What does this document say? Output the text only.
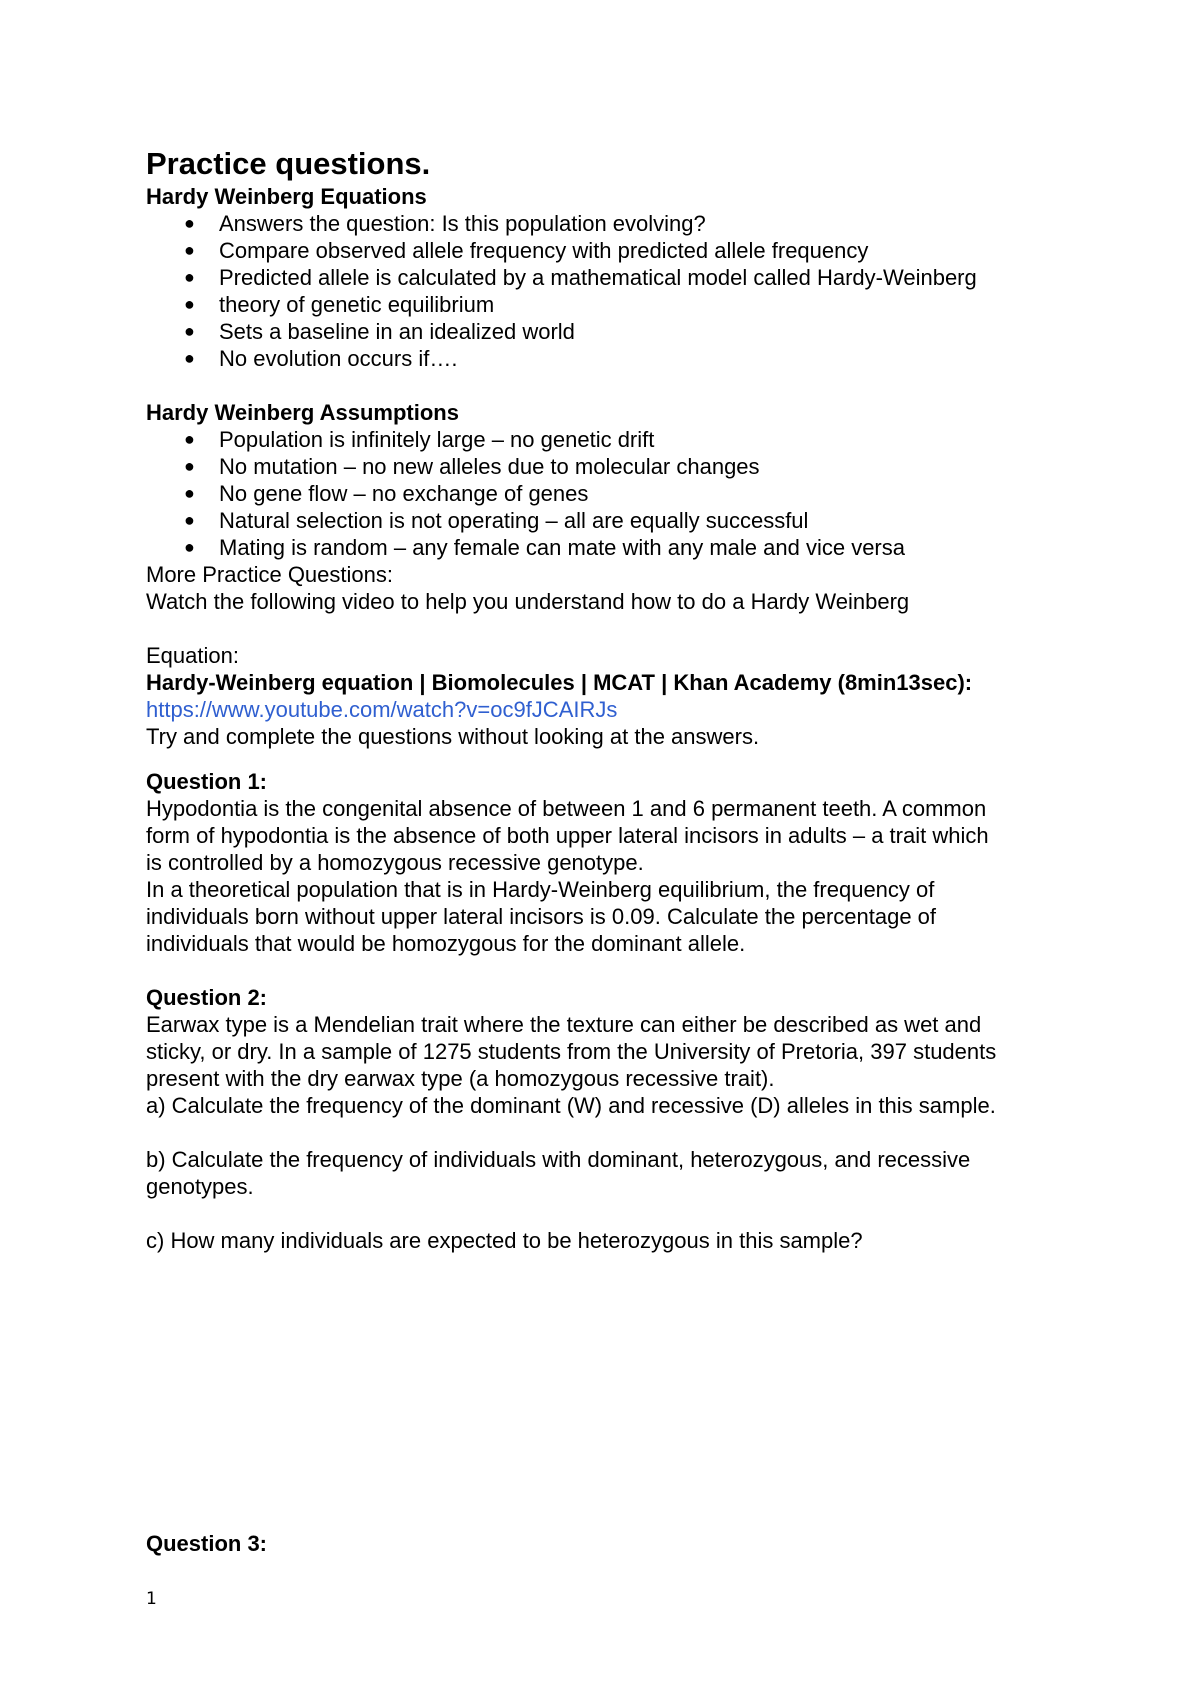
Practice questions.

Hardy Weinberg Equations

● Answers the question: Is this population evolving?
● Compare observed allele frequency with predicted allele frequency
● Predicted allele is calculated by a mathematical model called Hardy-Weinberg
● theory of genetic equilibrium
● Sets a baseline in an idealized world
● No evolution occurs if….

Hardy Weinberg Assumptions

● Population is infinitely large – no genetic drift
● No mutation – no new alleles due to molecular changes
● No gene flow – no exchange of genes
● Natural selection is not operating – all are equally successful
● Mating is random – any female can mate with any male and vice versa

More Practice Questions:

Watch the following video to help you understand how to do a Hardy Weinberg

Equation:

Hardy-Weinberg equation | Biomolecules | MCAT | Khan Academy (8min13sec):

https://www.youtube.com/watch?v=oc9fJCAIRJs

Try and complete the questions without looking at the answers.

Question 1:

Hypodontia is the congenital absence of between 1 and 6 permanent teeth. A common

form of hypodontia is the absence of both upper lateral incisors in adults – a trait which

is controlled by a homozygous recessive genotype.

In a theoretical population that is in Hardy-Weinberg equilibrium, the frequency of

individuals born without upper lateral incisors is 0.09. Calculate the percentage of

individuals that would be homozygous for the dominant allele.

Question 2:

Earwax type is a Mendelian trait where the texture can either be described as wet and

sticky, or dry. In a sample of 1275 students from the University of Pretoria, 397 students

present with the dry earwax type (a homozygous recessive trait).

a) Calculate the frequency of the dominant (W) and recessive (D) alleles in this sample.

b) Calculate the frequency of individuals with dominant, heterozygous, and recessive

genotypes.

c) How many individuals are expected to be heterozygous in this sample?

Question 3:
1
